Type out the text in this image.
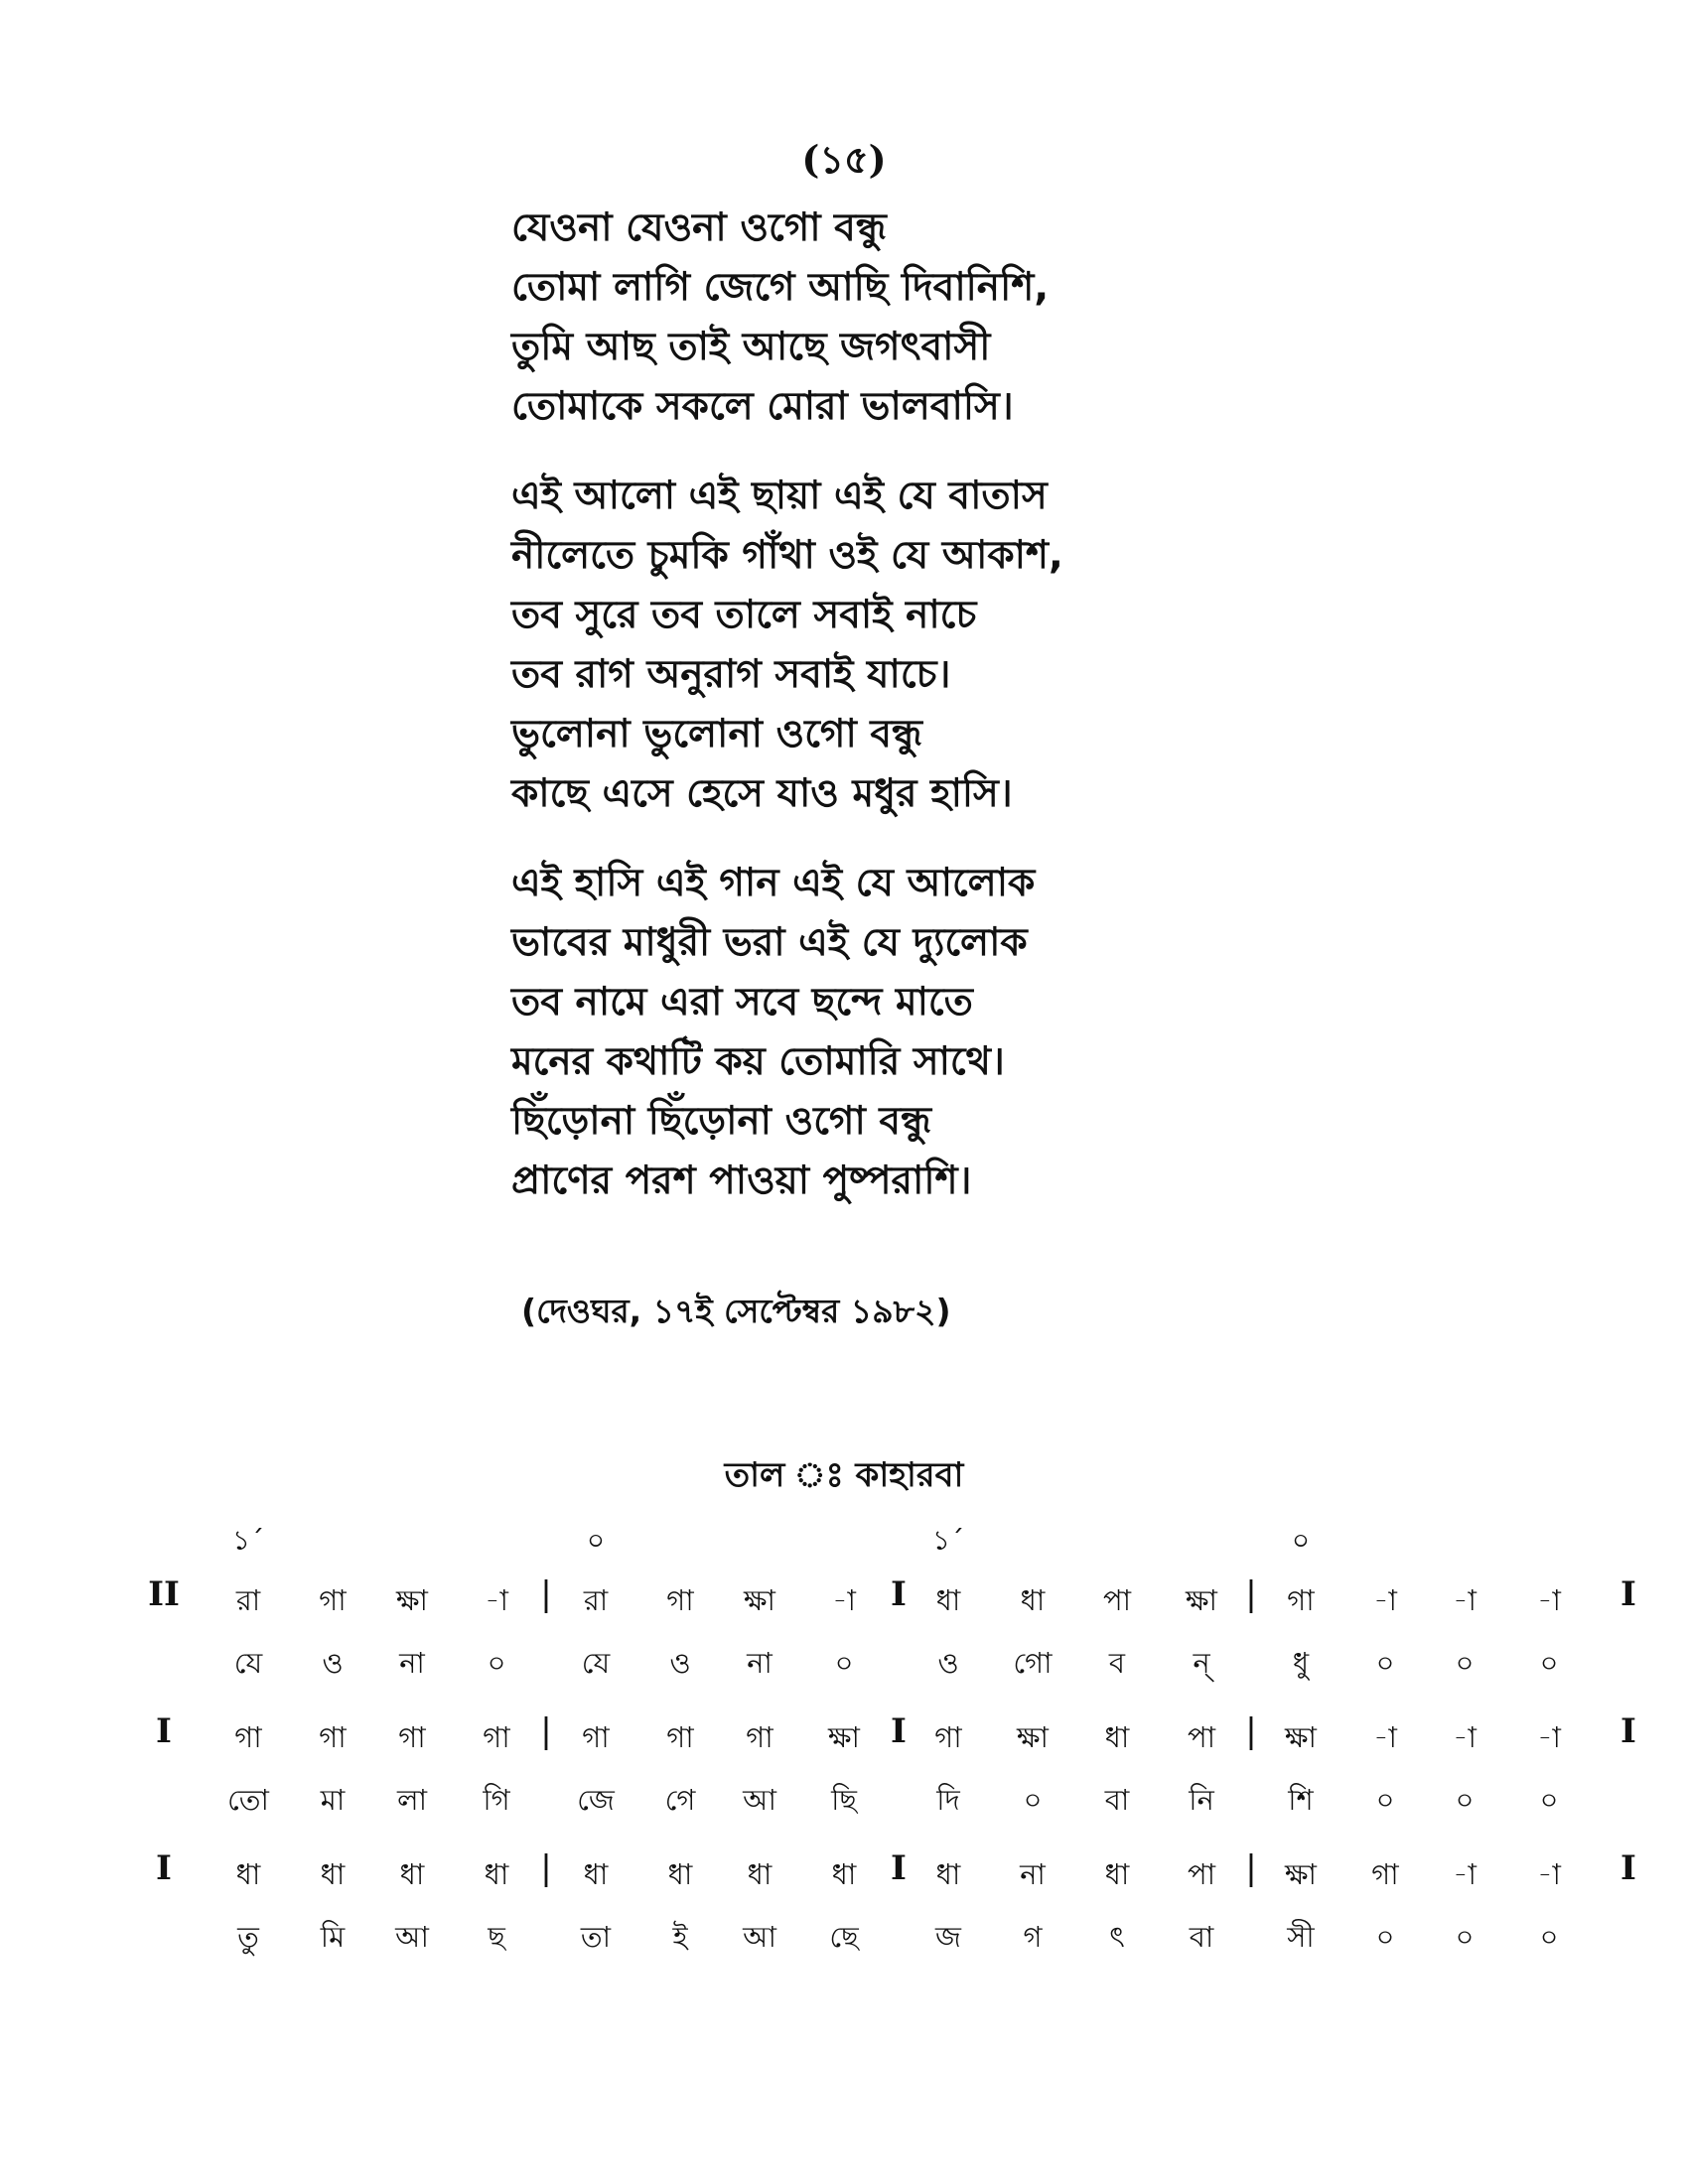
(১৫)
যেওনা যেওনা ওগো বন্ধু
তোমা লাগি জেগে আছি দিবানিশি,
তুমি আছ তাই আছে জগৎবাসী
তোমাকে সকলে মোরা ভালবাসি।
এই আলো এই ছায়া এই যে বাতাস
নীলেতে চুমকি গাঁথা ওই যে আকাশ,
তব সুরে তব তালে সবাই নাচে
তব রাগ অনুরাগ সবাই যাচে।
ভুলোনা ভুলোনা ওগো বন্ধু
কাছে এসে হেসে যাও মধুর হাসি।
এই হাসি এই গান এই যে আলোক
ভাবের মাধুরী ভরা এই যে দ্যুলোক
তব নামে এরা সবে ছন্দে মাতে
মনের কথাটি কয় তোমারি সাথে।
ছিঁড়োনা ছিঁড়োনা ওগো বন্ধু
প্রাণের পরশ পাওয়া পুষ্পরাশি।
(দেওঘর, ১৭ই সেপ্টেম্বর ১৯৮২)
তাল ঃ কাহারবা
১´	০	১´	০
II	|	I	|	I
রা	গা	ক্ষা	-া	রা	গা	ক্ষা	-া	ধা	ধা	পা	ক্ষা	গা	-া	-া	-া
যে	ও	না	০	যে	ও	না	০	ও	গো	ব	ন্	ধু	০	০	০
I	|	I	|	I
গা	গা	গা	গা	গা	গা	গা	ক্ষা	গা	ক্ষা	ধা	পা	ক্ষা	-া	-া	-া
তো	মা	লা	গি	জে	গে	আ	ছি	দি	০	বা	নি	শি	০	০	০
I	|	I	|	I
ধা	ধা	ধা	ধা	ধা	ধা	ধা	ধা	ধা	না	ধা	পা	ক্ষা	গা	-া	-া
তু	মি	আ	ছ	তা	ই	আ	ছে	জ	গ	ৎ	বা	সী	০	০	০
